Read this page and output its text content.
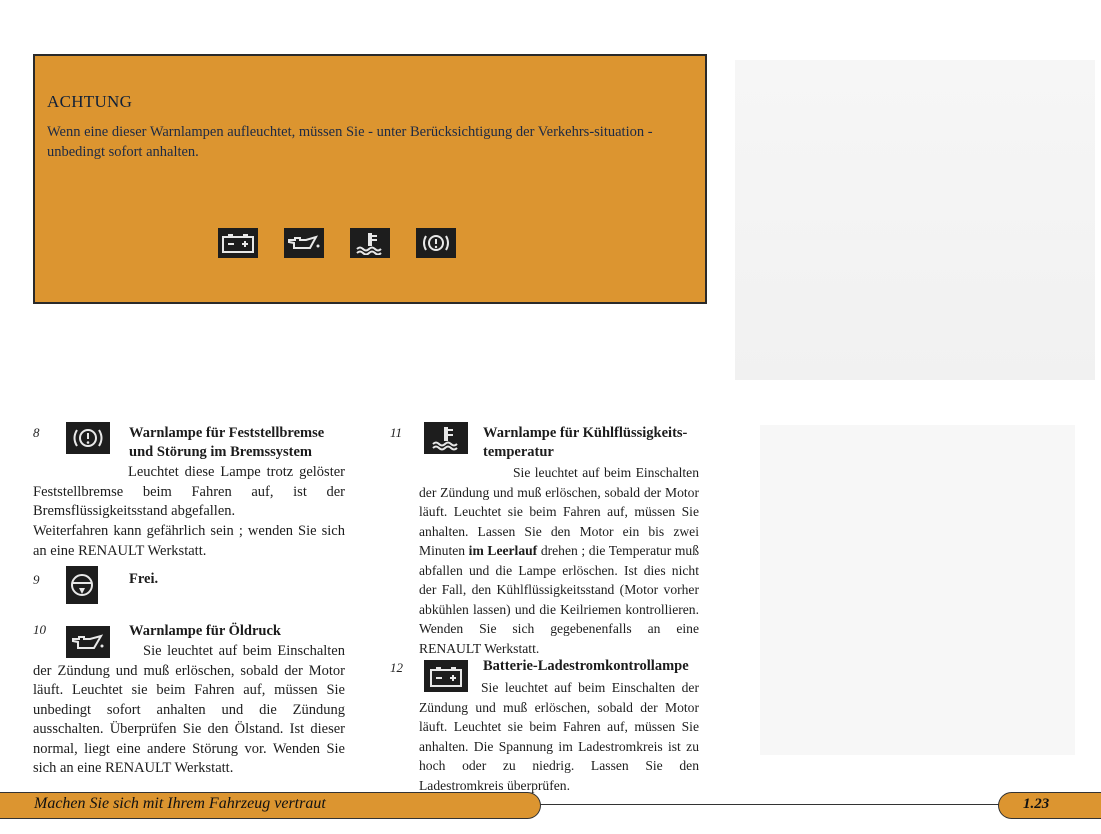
ACHTUNG
Wenn eine dieser Warnlampen aufleuchtet, müssen Sie - unter Berücksichtigung der Verkehrs-situation - unbedingt sofort anhalten.
8	Warnlampe für Feststellbremse und Störung im Bremssystem
Leuchtet diese Lampe trotz gelöster Feststellbremse beim Fahren auf, ist der Bremsflüssigkeitsstand abgefallen.
Weiterfahren kann gefährlich sein ; wenden Sie sich an eine RENAULT Werkstatt.
9	Frei.
10	Warnlampe für Öldruck
Sie leuchtet auf beim Einschalten der Zündung und muß erlöschen, sobald der Motor läuft. Leuchtet sie beim Fahren auf, müssen Sie unbedingt sofort anhalten und die Zündung ausschalten. Überprüfen Sie den Ölstand. Ist dieser normal, liegt eine andere Störung vor. Wenden Sie sich an eine RENAULT Werkstatt.
11	Warnlampe für Kühlflüssigkeits-temperatur
Sie leuchtet auf beim Einschalten der Zündung und muß erlöschen, sobald der Motor läuft. Leuchtet sie beim Fahren auf, müssen Sie anhalten. Lassen Sie den Motor ein bis zwei Minuten im Leerlauf drehen ; die Temperatur muß abfallen und die Lampe erlöschen. Ist dies nicht der Fall, den Kühlflüssigkeitsstand (Motor vorher abkühlen lassen) und die Keilriemen kontrollieren. Wenden Sie sich gegebenenfalls an eine RENAULT Werkstatt.
12	Batterie-Ladestromkontrollampe
Sie leuchtet auf beim Einschalten der Zündung und muß erlöschen, sobald der Motor läuft. Leuchtet sie beim Fahren auf, müssen Sie anhalten. Die Spannung im Ladestromkreis ist zu hoch oder zu niedrig. Lassen Sie den Ladestromkreis überprüfen.
Machen Sie sich mit Ihrem Fahrzeug vertraut	1.23
